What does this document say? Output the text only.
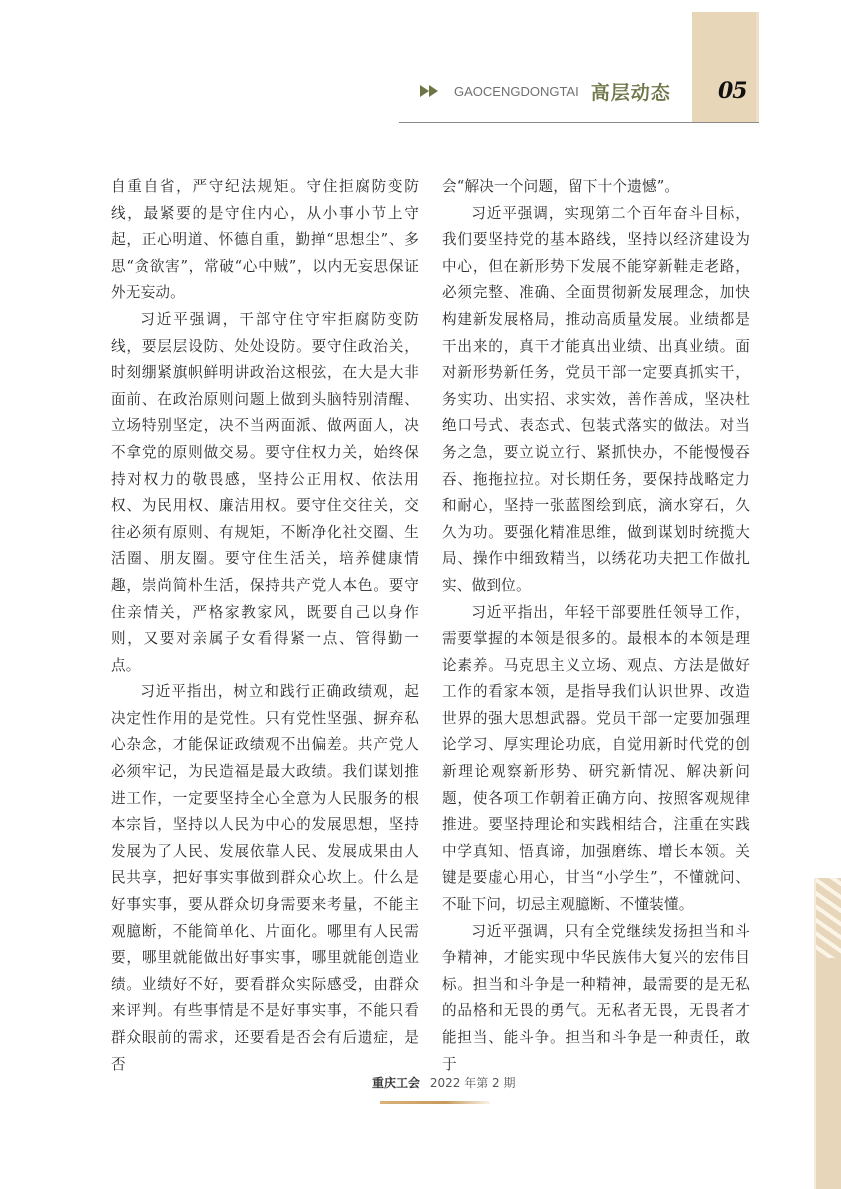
GAOCENGDONGTAI 高层动态 05

自重自省，严守纪法规矩。守住拒腐防变防线，最紧要的是守住内心，从小事小节上守起，正心明道、怀德自重，勤掸“思想尘”、多思“贪欲害”，常破“心中贼”，以内无妄思保证外无妄动。

习近平强调，干部守住守牢拒腐防变防线，要层层设防、处处设防。要守住政治关，时刻绷紧旗帜鲜明讲政治这根弦，在大是大非面前、在政治原则问题上做到头脑特别清醒、立场特别坚定，决不当两面派、做两面人，决不拿党的原则做交易。要守住权力关，始终保持对权力的敬畏感，坚持公正用权、依法用权、为民用权、廉洁用权。要守住交往关，交往必须有原则、有规矩，不断净化社交圈、生活圈、朋友圈。要守住生活关，培养健康情趣，崇尚简朴生活，保持共产党人本色。要守住亲情关，严格家教家风，既要自己以身作则，又要对亲属子女看得紧一点、管得勤一点。

习近平指出，树立和践行正确政绩观，起决定性作用的是党性。只有党性坚强、摒弃私心杂念，才能保证政绩观不出偏差。共产党人必须牢记，为民造福是最大政绩。我们谋划推进工作，一定要坚持全心全意为人民服务的根本宗旨，坚持以人民为中心的发展思想，坚持发展为了人民、发展依靠人民、发展成果由人民共享，把好事实事做到群众心坎上。什么是好事实事，要从群众切身需要来考量，不能主观臆断，不能简单化、片面化。哪里有人民需要，哪里就能做出好事实事，哪里就能创造业绩。业绩好不好，要看群众实际感受，由群众来评判。有些事情是不是好事实事，不能只看群众眼前的需求，还要看是否会有后遗症，是否

会“解决一个问题，留下十个遗憾”。

习近平强调，实现第二个百年奋斗目标，我们要坚持党的基本路线，坚持以经济建设为中心，但在新形势下发展不能穿新鞋走老路，必须完整、准确、全面贯彻新发展理念，加快构建新发展格局，推动高质量发展。业绩都是干出来的，真干才能真出业绩、出真业绩。面对新形势新任务，党员干部一定要真抓实干，务实功、出实招、求实效，善作善成，坚决杜绝口号式、表态式、包装式落实的做法。对当务之急，要立说立行、紧抓快办，不能慢慢吞吞、拖拖拉拉。对长期任务，要保持战略定力和耐心，坚持一张蓝图绘到底，滴水穿石，久久为功。要强化精准思维，做到谋划时统揽大局、操作中细致精当，以绣花功夫把工作做扎实、做到位。

习近平指出，年轻干部要胜任领导工作，需要掌握的本领是很多的。最根本的本领是理论素养。马克思主义立场、观点、方法是做好工作的看家本领，是指导我们认识世界、改造世界的强大思想武器。党员干部一定要加强理论学习、厚实理论功底，自觉用新时代党的创新理论观察新形势、研究新情况、解决新问题，使各项工作朝着正确方向、按照客观规律推进。要坚持理论和实践相结合，注重在实践中学真知、悟真谛，加强磨练、增长本领。关键是要虚心用心，甘当“小学生”，不懂就问、不耻下问，切忌主观臆断、不懂装懂。

习近平强调，只有全党继续发扬担当和斗争精神，才能实现中华民族伟大复兴的宏伟目标。担当和斗争是一种精神，最需要的是无私的品格和无畏的勇气。无私者无畏，无畏者才能担当、能斗争。担当和斗争是一种责任，敢于

重庆工会 2022 年第 2 期
